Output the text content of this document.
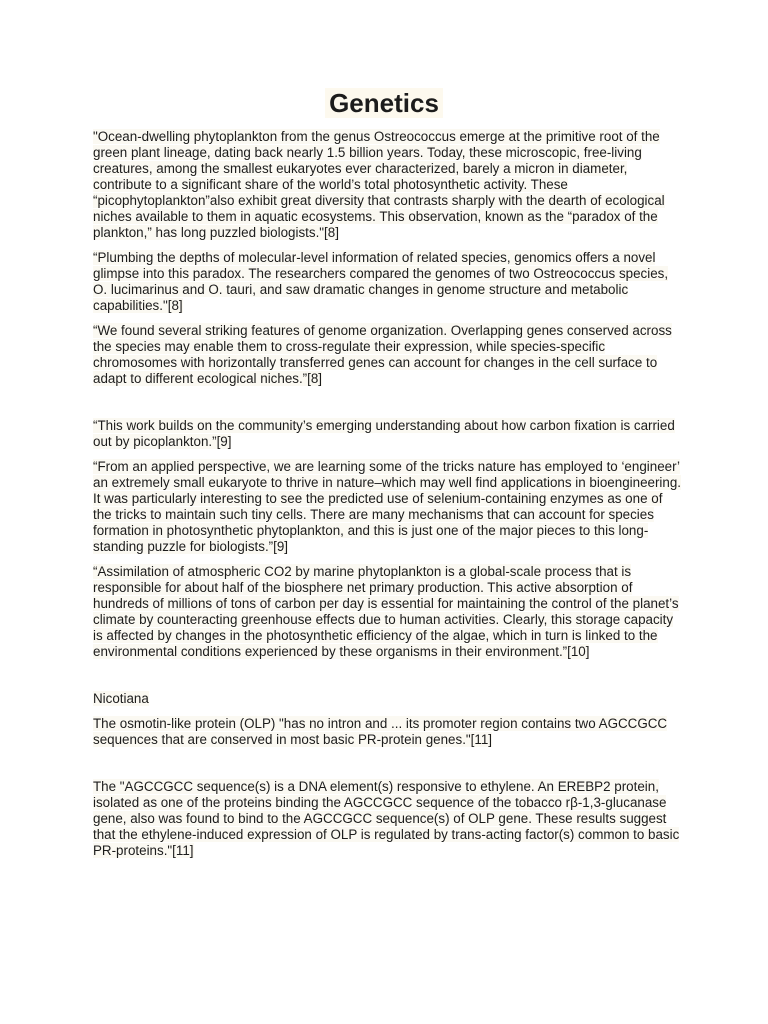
Genetics

"Ocean-dwelling phytoplankton from the genus Ostreococcus emerge at the primitive root of the green plant lineage, dating back nearly 1.5 billion years. Today, these microscopic, free-living creatures, among the smallest eukaryotes ever characterized, barely a micron in diameter, contribute to a significant share of the world’s total photosynthetic activity. These “picophytoplankton”also exhibit great diversity that contrasts sharply with the dearth of ecological niches available to them in aquatic ecosystems. This observation, known as the “paradox of the plankton,” has long puzzled biologists."[8]

“Plumbing the depths of molecular-level information of related species, genomics offers a novel glimpse into this paradox. The researchers compared the genomes of two Ostreococcus species, O. lucimarinus and O. tauri, and saw dramatic changes in genome structure and metabolic capabilities."[8]

“We found several striking features of genome organization. Overlapping genes conserved across the species may enable them to cross-regulate their expression, while species-specific chromosomes with horizontally transferred genes can account for changes in the cell surface to adapt to different ecological niches.”[8]

“This work builds on the community’s emerging understanding about how carbon fixation is carried out by picoplankton.”[9]

“From an applied perspective, we are learning some of the tricks nature has employed to ‘engineer’ an extremely small eukaryote to thrive in nature–which may well find applications in bioengineering. It was particularly interesting to see the predicted use of selenium-containing enzymes as one of the tricks to maintain such tiny cells. There are many mechanisms that can account for species formation in photosynthetic phytoplankton, and this is just one of the major pieces to this long-standing puzzle for biologists.”[9]

“Assimilation of atmospheric CO2 by marine phytoplankton is a global-scale process that is responsible for about half of the biosphere net primary production. This active absorption of hundreds of millions of tons of carbon per day is essential for maintaining the control of the planet’s climate by counteracting greenhouse effects due to human activities. Clearly, this storage capacity is affected by changes in the photosynthetic efficiency of the algae, which in turn is linked to the environmental conditions experienced by these organisms in their environment.”[10]

Nicotiana

The osmotin-like protein (OLP) "has no intron and ... its promoter region contains two AGCCGCC sequences that are conserved in most basic PR-protein genes."[11]

The "AGCCGCC sequence(s) is a DNA element(s) responsive to ethylene. An EREBP2 protein, isolated as one of the proteins binding the AGCCGCC sequence of the tobacco rβ-1,3-glucanase gene, also was found to bind to the AGCCGCC sequence(s) of OLP gene. These results suggest that the ethylene-induced expression of OLP is regulated by trans-acting factor(s) common to basic PR-proteins."[11]
